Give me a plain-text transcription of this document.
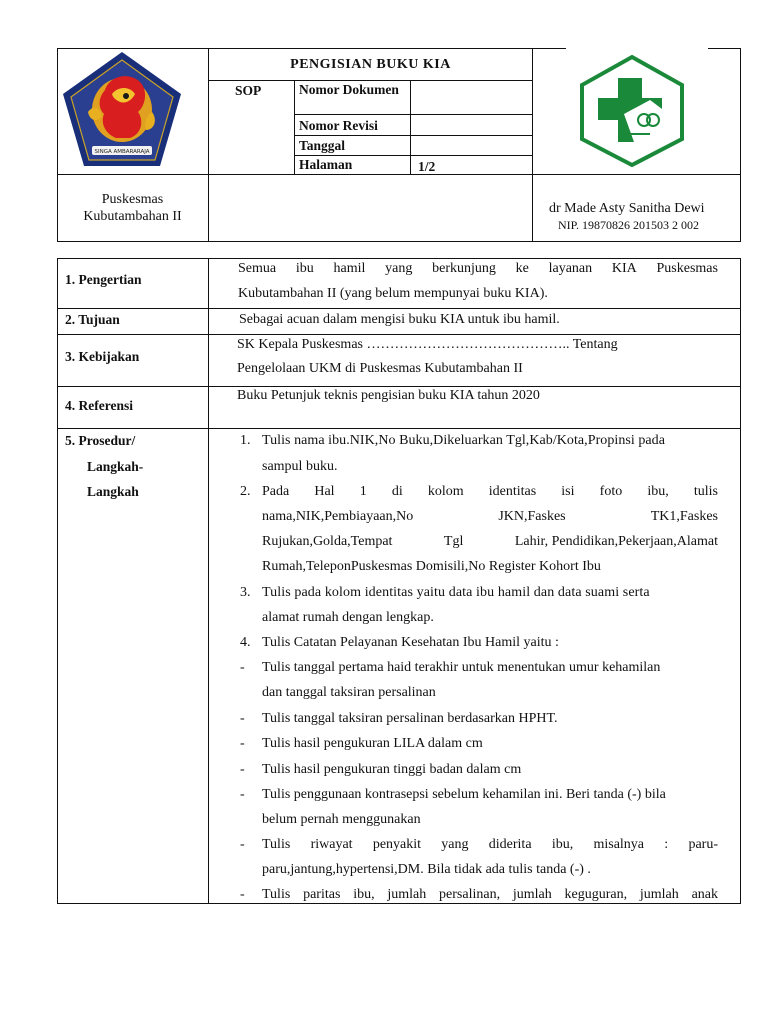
SINGA AMBARARAJA
PENGISIAN BUKU KIA
SOP	Nomor Dokumen
Nomor Revisi
Tanggal
Halaman	1/2
Puskesmas
Kubutambahan II
dr Made Asty Sanitha Dewi
NIP. 19870826 201503 2 002
1. Pengertian
Semua ibu hamil yang berkunjung ke layanan KIA Puskesmas
Kubutambahan II (yang belum mempunyai buku KIA).
2. Tujuan	Sebagai acuan dalam mengisi buku KIA untuk ibu hamil.
3. Kebijakan
SK Kepala Puskesmas …………………………………….. Tentang
Pengelolaan UKM di Puskesmas Kubutambahan II
4. Referensi
Buku Petunjuk teknis pengisian buku KIA tahun 2020
5. Prosedur/
Langkah-
Langkah
1. Tulis nama ibu.NIK,No Buku,Dikeluarkan Tgl,Kab/Kota,Propinsi pada
sampul buku.
2. Pada Hal 1 di kolom identitas isi foto ibu, tulis
nama,NIK,Pembiayaan,No	JKN,Faskes	TK1,Faskes
Rujukan,Golda,Tempat	Tgl	Lahir, Pendidikan,Pekerjaan,Alamat
Rumah,TeleponPuskesmas Domisili,No Register Kohort Ibu
3. Tulis pada kolom identitas yaitu data ibu hamil dan data suami serta
alamat rumah dengan lengkap.
4. Tulis Catatan Pelayanan Kesehatan Ibu Hamil yaitu :
- Tulis tanggal pertama haid terakhir untuk menentukan umur kehamilan
dan tanggal taksiran persalinan
- Tulis tanggal taksiran persalinan berdasarkan HPHT.
- Tulis hasil pengukuran LILA dalam cm
- Tulis hasil pengukuran tinggi badan dalam cm
- Tulis penggunaan kontrasepsi sebelum kehamilan ini. Beri tanda (-) bila
belum pernah menggunakan
- Tulis riwayat penyakit yang diderita ibu, misalnya : paru-
paru,jantung,hypertensi,DM. Bila tidak ada tulis tanda (-) .
- Tulis paritas ibu, jumlah persalinan, jumlah keguguran, jumlah anak
